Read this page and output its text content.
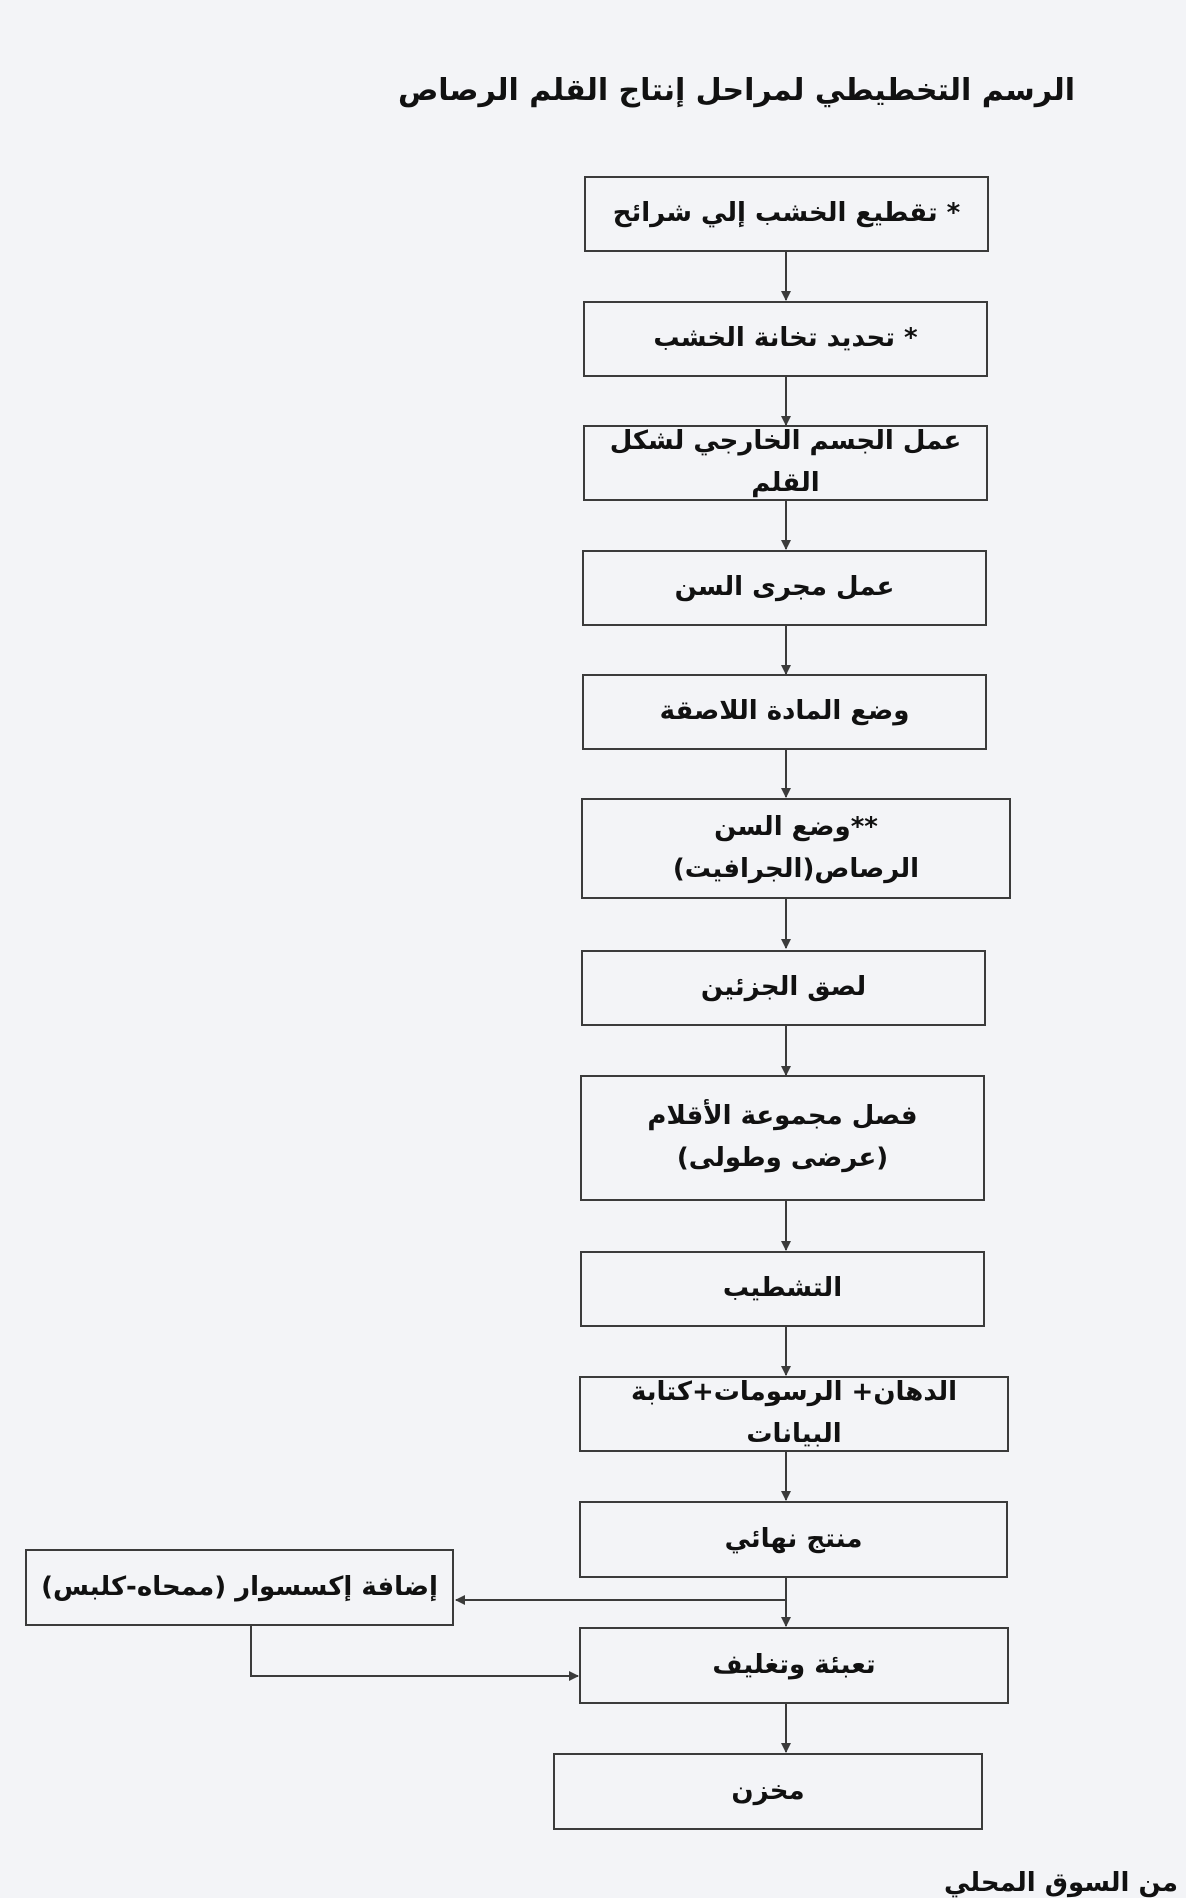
الرسم التخطيطي لمراحل إنتاج القلم الرصاص
* تقطيع الخشب إلي شرائح
* تحديد تخانة الخشب
عمل الجسم الخارجي لشكل القلم
عمل مجرى السن
وضع المادة اللاصقة
**وضع السن الرصاص(الجرافيت)
لصق الجزئين
فصل مجموعة الأقلام
(عرضى وطولى)
التشطيب
الدهان+ الرسومات+كتابة البيانات
منتج نهائي
إضافة إكسسوار (ممحاه-كلبس)
تعبئة وتغليف
مخزن
من السوق المحلي
